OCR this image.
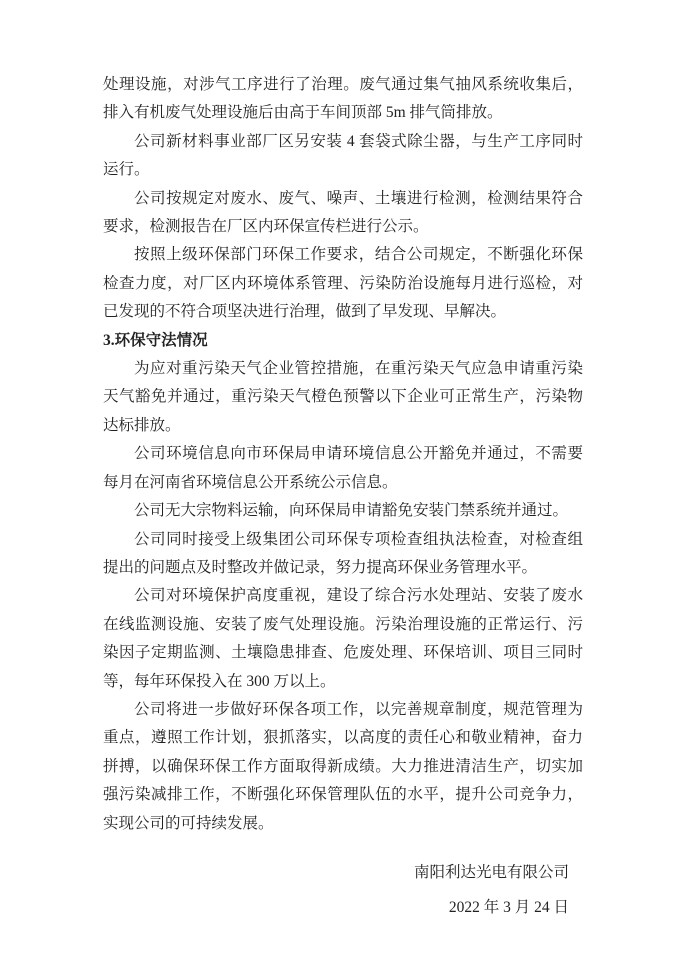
处理设施，对涉气工序进行了治理。废气通过集气抽风系统收集后，排入有机废气处理设施后由高于车间顶部 5m 排气筒排放。

公司新材料事业部厂区另安装 4 套袋式除尘器，与生产工序同时运行。

公司按规定对废水、废气、噪声、土壤进行检测，检测结果符合要求，检测报告在厂区内环保宣传栏进行公示。

按照上级环保部门环保工作要求，结合公司规定，不断强化环保检查力度，对厂区内环境体系管理、污染防治设施每月进行巡检，对已发现的不符合项坚决进行治理，做到了早发现、早解决。

3.环保守法情况

为应对重污染天气企业管控措施，在重污染天气应急申请重污染天气豁免并通过，重污染天气橙色预警以下企业可正常生产，污染物达标排放。

公司环境信息向市环保局申请环境信息公开豁免并通过，不需要每月在河南省环境信息公开系统公示信息。

公司无大宗物料运输，向环保局申请豁免安装门禁系统并通过。

公司同时接受上级集团公司环保专项检查组执法检查，对检查组提出的问题点及时整改并做记录，努力提高环保业务管理水平。

公司对环境保护高度重视，建设了综合污水处理站、安装了废水在线监测设施、安装了废气处理设施。污染治理设施的正常运行、污染因子定期监测、土壤隐患排查、危废处理、环保培训、项目三同时等，每年环保投入在 300 万以上。

公司将进一步做好环保各项工作，以完善规章制度，规范管理为重点，遵照工作计划，狠抓落实，以高度的责任心和敬业精神，奋力拼搏，以确保环保工作方面取得新成绩。大力推进清洁生产，切实加强污染减排工作，不断强化环保管理队伍的水平，提升公司竞争力，实现公司的可持续发展。

南阳利达光电有限公司

2022 年 3 月 24 日
